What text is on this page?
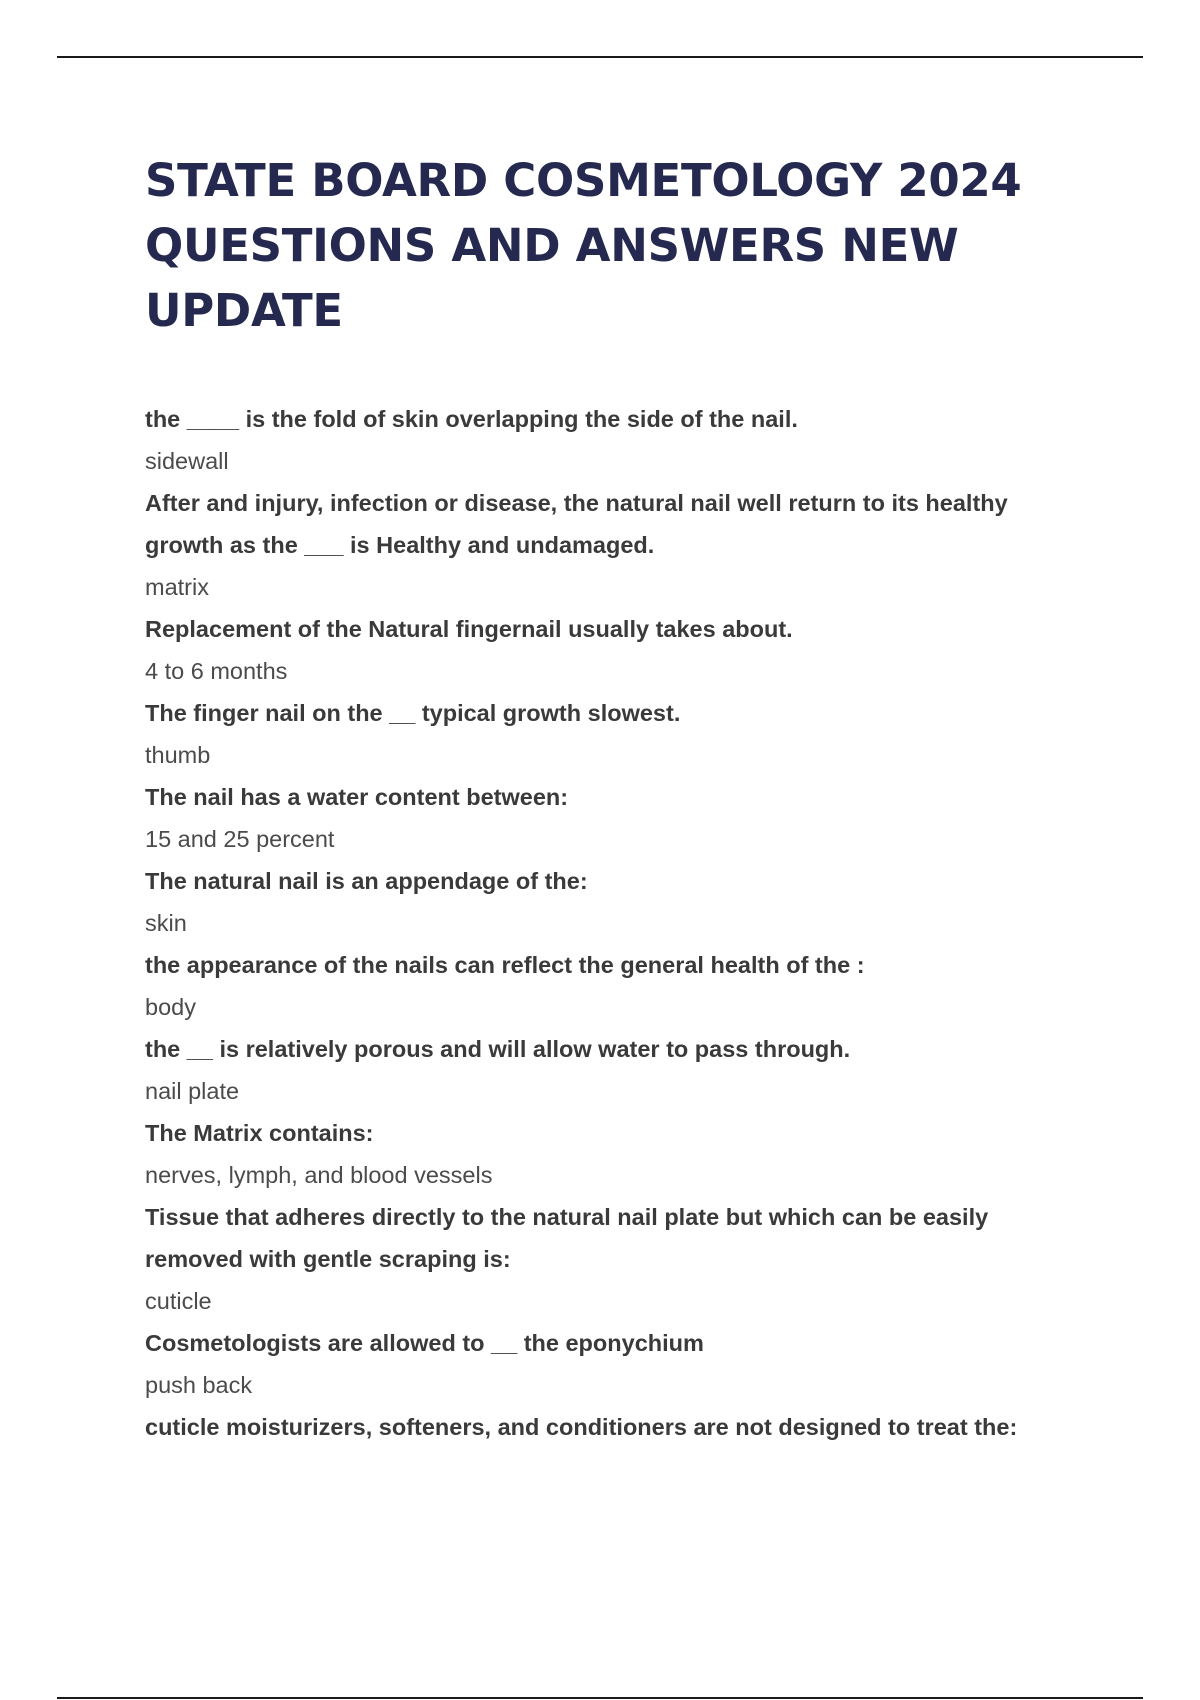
STATE BOARD COSMETOLOGY 2024 QUESTIONS AND ANSWERS NEW UPDATE

the ____ is the fold of skin overlapping the side of the nail.

sidewall

After and injury, infection or disease, the natural nail well return to its healthy growth as the ___ is Healthy and undamaged.

matrix

Replacement of the Natural fingernail usually takes about.

4 to 6 months

The finger nail on the __ typical growth slowest.

thumb

The nail has a water content between:

15 and 25 percent

The natural nail is an appendage of the:

skin

the appearance of the nails can reflect the general health of the :

body

the __ is relatively porous and will allow water to pass through.

nail plate

The Matrix contains:

nerves, lymph, and blood vessels

Tissue that adheres directly to the natural nail plate but which can be easily removed with gentle scraping is:

cuticle

Cosmetologists are allowed to __ the eponychium

push back

cuticle moisturizers, softeners, and conditioners are not designed to treat the:
